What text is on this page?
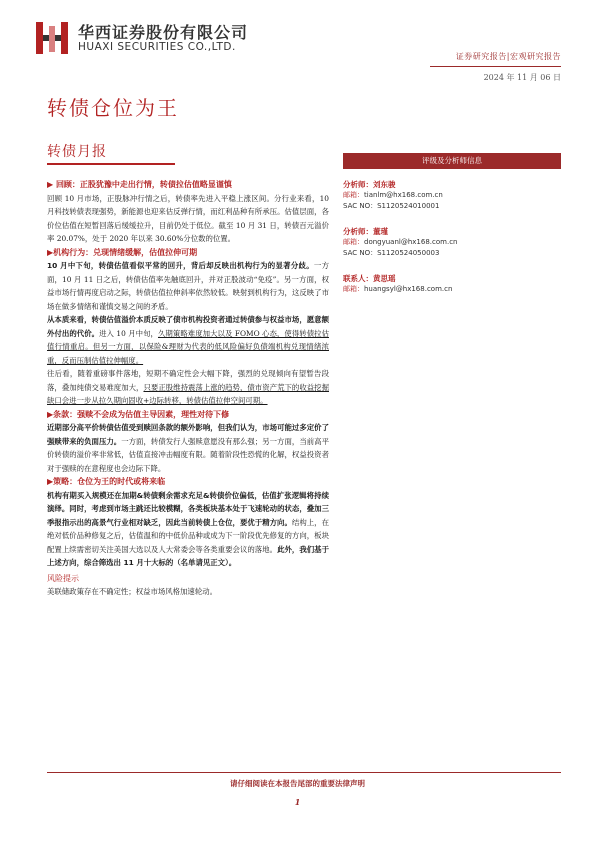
华西证券股份有限公司
HUAXI SECURITIES CO.,LTD.
证券研究报告|宏观研究报告
2024 年 11 月 06 日
转债仓位为王
转债月报

▶ 回顾：正股犹豫中走出行情，转债拉估值略显谨慎

回顾 10 月市场，正股脉冲行情之后，转债率先进入平稳上涨区间。分行业来看，10 月科技转债表现强势，新能源也迎来估反弹行情，而红利品种有所承压。估值层面，各价位估值在短暂回落后缓缓拉升，目前仍处于低位。截至 10 月 31 日，转债百元溢价率 20.07%，处于 2020 年以来 30.60%分位数的位置。

▶机构行为：兑现情绪缓解，估值拉伸可期

10 月中下旬，转债估值看似平常的回升，背后却反映出机构行为的显著分歧。一方面，10 月 11 日之后，转债估值率先触底回升，并对正股波动“免疫”。另一方面，权益市场行情再度启动之际，转债估值拉伸斜率依然较低。映射到机构行为，这反映了市场在做多情绪和谨慎交易之间的矛盾。

从本质来看，转债估值溢价本质反映了债市机构投资者通过转债参与权益市场，愿意额外付出的代价。进入 10 月中旬，久期策略难度加大以及 FOMO 心态，使得转债拉估值行情重启。但另一方面，以保险&理财为代表的低风险偏好负债端机构兑现情绪浓重，反而压制估值拉伸幅度。

往后看，随着重磅事件落地，短期不确定性会大幅下降，强烈的兑现倾向有望暂告段落，叠加纯债交易难度加大，只要正股维持震荡上涨的趋势，债市资产荒下的收益挖掘缺口会进一步从拉久期向固收+边际转移，转债估值拉伸空间可期。

▶条款：强赎不会成为估值主导因素，理性对待下修

近期部分高平价转债估值受到赎回条款的额外影响，但我们认为，市场可能过多定价了强赎带来的负面压力。一方面，转债发行人强赎意愿没有那么强；另一方面，当前高平价转债的溢价率非常低，估值直接冲击幅度有限。随着阶段性恐慌的化解，权益投资者对于强赎的在意程度也会边际下降。

▶策略：仓位为王的时代或将来临

机构有期买入规模还在加期&转债剩余需求充足&转债价位偏低，估值扩张逻辑将持续演绎。同时，考虑到市场主跳还比较模糊，各类板块基本处于飞速轮动的状态，叠加三季报指示出的高景气行业相对缺乏，因此当前转债上仓位，要优于精方向。结构上，在绝对低价品种修复之后，估值温和的中低价品种或成为下一阶段优先修复的方向，板块配置上续需密切关注美国大选以及人大常委会等各类重要会议的落地。此外，我们基于上述方向，综合筛选出 11 月十大标的（名单请见正文）。

风险提示

美联储政策存在不确定性；权益市场风格加速轮动。

评级及分析师信息
分析师：刘东骏
邮箱：tianlm@hx168.com.cn
SAC NO：S1120524010001
分析师：董瑾
邮箱：dongyuanl@hx168.com.cn
SAC NO：S1120524050003
联系人：黄思瑶
邮箱：huangsyl@hx168.com.cn
请仔细阅读在本报告尾部的重要法律声明
1
